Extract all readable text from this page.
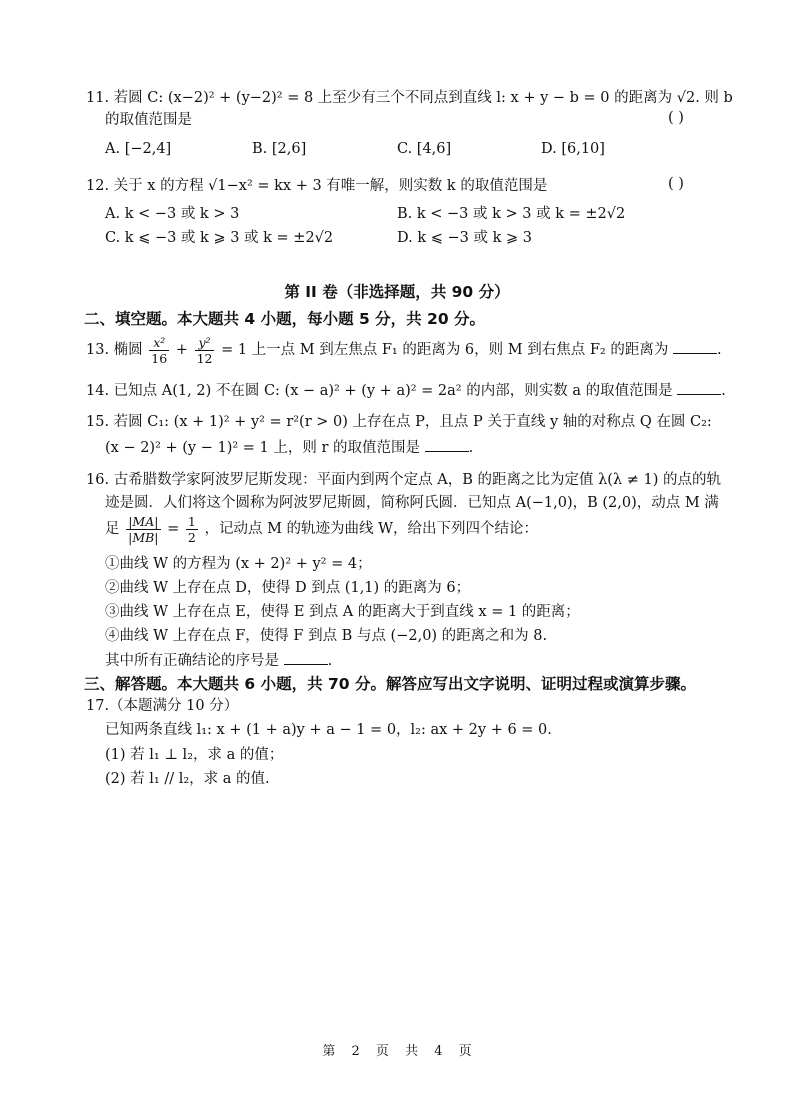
11. 若圆 C: (x−2)² + (y−2)² = 8 上至少有三个不同点到直线 l: x + y − b = 0 的距离为 √2. 则 b
的取值范围是	( )
A. [−2,4]	B. [2,6]	C. [4,6]	D. [6,10]
12. 关于 x 的方程 √1−x² = kx + 3 有唯一解，则实数 k 的取值范围是	( )
A. k < −3 或 k > 3	B. k < −3 或 k > 3 或 k = ±2√2
C. k ⩽ −3 或 k ⩾ 3 或 k = ±2√2	D. k ⩽ −3 或 k ⩾ 3
第 II 卷（非选择题，共 90 分）
二、填空题。本大题共 4 小题，每小题 5 分，共 20 分。
13. 椭圆 $\frac{\text{x²}}{16} + \frac{\text{y²}}{12} = 1$ 上一点 M 到左焦点 F₁ 的距离为 6，则 M 到右焦点 F₂ 的距离为	.
14. 已知点 A(1, 2) 不在圆 C: (x − a)² + (y + a)² = 2a² 的内部，则实数 a 的取值范围是	.
15. 若圆 C₁: (x + 1)² + y² = r²(r > 0) 上存在点 P，且点 P 关于直线 y 轴的对称点 Q 在圆 C₂:
(x − 2)² + (y − 1)² = 1 上，则 r 的取值范围是	.
16. 古希腊数学家阿波罗尼斯发现：平面内到两个定点 A，B 的距离之比为定值 λ(λ ≠ 1) 的点的轨
迹是圆．人们将这个圆称为阿波罗尼斯圆，简称阿氏圆．已知点 A(−1,0)，B (2,0)，动点 M 满
足 $\frac{|MA|}{|MB|} = \frac{1}{2}$ ，记动点 M 的轨迹为曲线 W，给出下列四个结论：
①曲线 W 的方程为 (x + 2)² + y² = 4；
②曲线 W 上存在点 D，使得 D 到点 (1,1) 的距离为 6；
③曲线 W 上存在点 E，使得 E 到点 A 的距离大于到直线 x = 1 的距离；
④曲线 W 上存在点 F，使得 F 到点 B 与点 (−2,0) 的距离之和为 8.
其中所有正确结论的序号是	.
三、解答题。本大题共 6 小题，共 70 分。解答应写出文字说明、证明过程或演算步骤。
17.（本题满分 10 分）
已知两条直线 l₁: x + (1 + a)y + a − 1 = 0，l₂: ax + 2y + 6 = 0.
(1) 若 l₁ ⊥ l₂，求 a 的值；
(2) 若 l₁ // l₂，求 a 的值.
第 2 页 共 4 页
